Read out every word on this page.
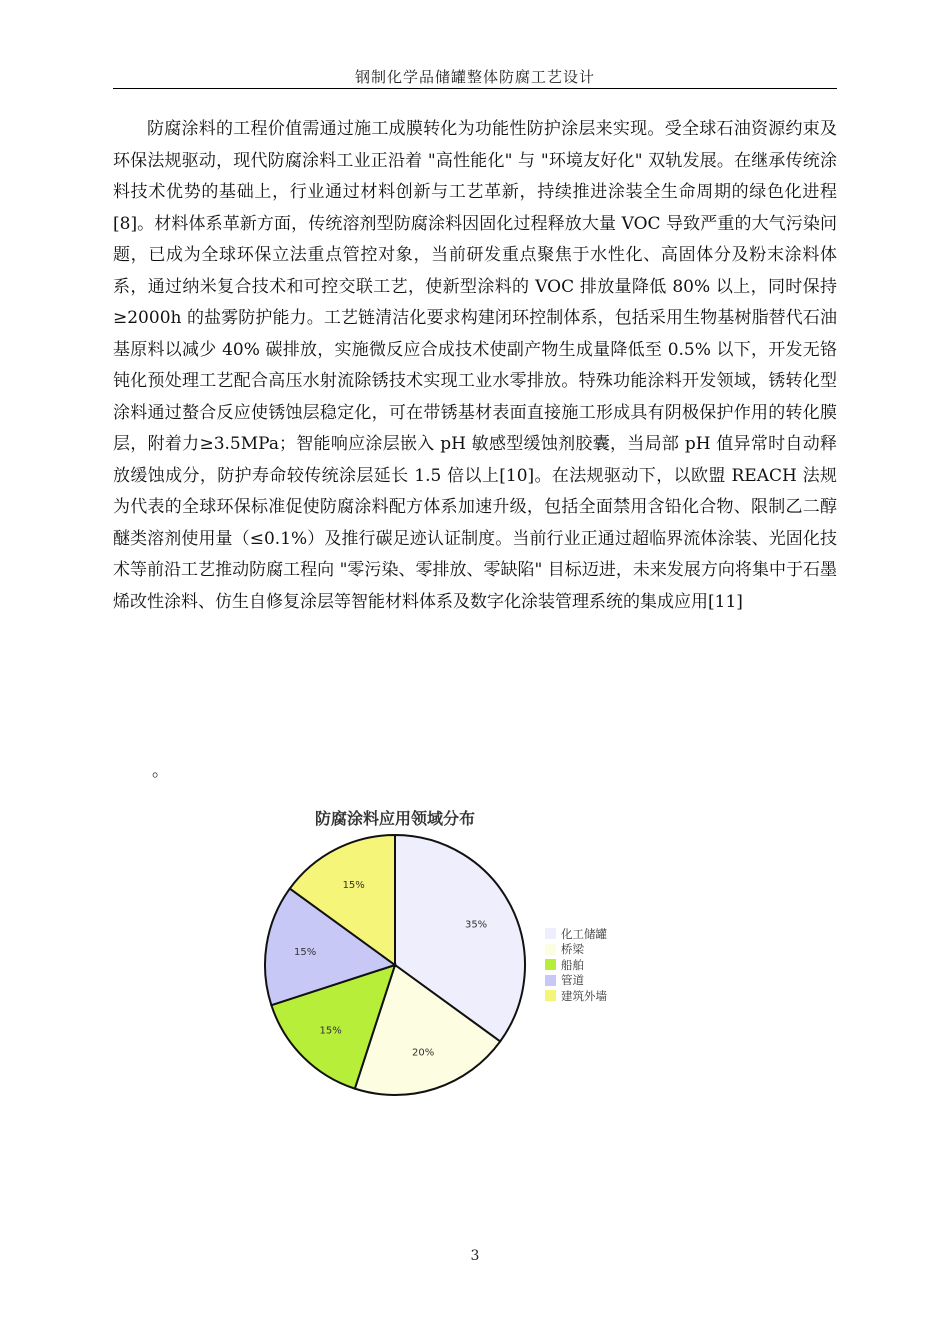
钢制化学品储罐整体防腐工艺设计

防腐涂料的工程价值需通过施工成膜转化为功能性防护涂层来实现。受全球石油资源约束及环保法规驱动，现代防腐涂料工业正沿着 "高性能化" 与 "环境友好化" 双轨发展。在继承传统涂料技术优势的基础上，行业通过材料创新与工艺革新，持续推进涂装全生命周期的绿色化进程[8]。材料体系革新方面，传统溶剂型防腐涂料因固化过程释放大量 VOC 导致严重的大气污染问题，已成为全球环保立法重点管控对象，当前研发重点聚焦于水性化、高固体分及粉末涂料体系，通过纳米复合技术和可控交联工艺，使新型涂料的 VOC 排放量降低 80% 以上，同时保持≥2000h 的盐雾防护能力。工艺链清洁化要求构建闭环控制体系，包括采用生物基树脂替代石油基原料以减少 40% 碳排放，实施微反应合成技术使副产物生成量降低至 0.5% 以下，开发无铬钝化预处理工艺配合高压水射流除锈技术实现工业水零排放。特殊功能涂料开发领域，锈转化型涂料通过螯合反应使锈蚀层稳定化，可在带锈基材表面直接施工形成具有阴极保护作用的转化膜层，附着力≥3.5MPa；智能响应涂层嵌入 pH 敏感型缓蚀剂胶囊，当局部 pH 值异常时自动释放缓蚀成分，防护寿命较传统涂层延长 1.5 倍以上[10]。在法规驱动下，以欧盟 REACH 法规为代表的全球环保标准促使防腐涂料配方体系加速升级，包括全面禁用含铅化合物、限制乙二醇醚类溶剂使用量（≤0.1%）及推行碳足迹认证制度。当前行业正通过超临界流体涂装、光固化技术等前沿工艺推动防腐工程向 "零污染、零排放、零缺陷" 目标迈进，未来发展方向将集中于石墨烯改性涂料、仿生自修复涂层等智能材料体系及数字化涂装管理系统的集成应用[11]

。
防腐涂料应用领域分布
35%
20%
15%
15%
15%
化工储罐
桥梁
船舶
管道
建筑外墙
3
